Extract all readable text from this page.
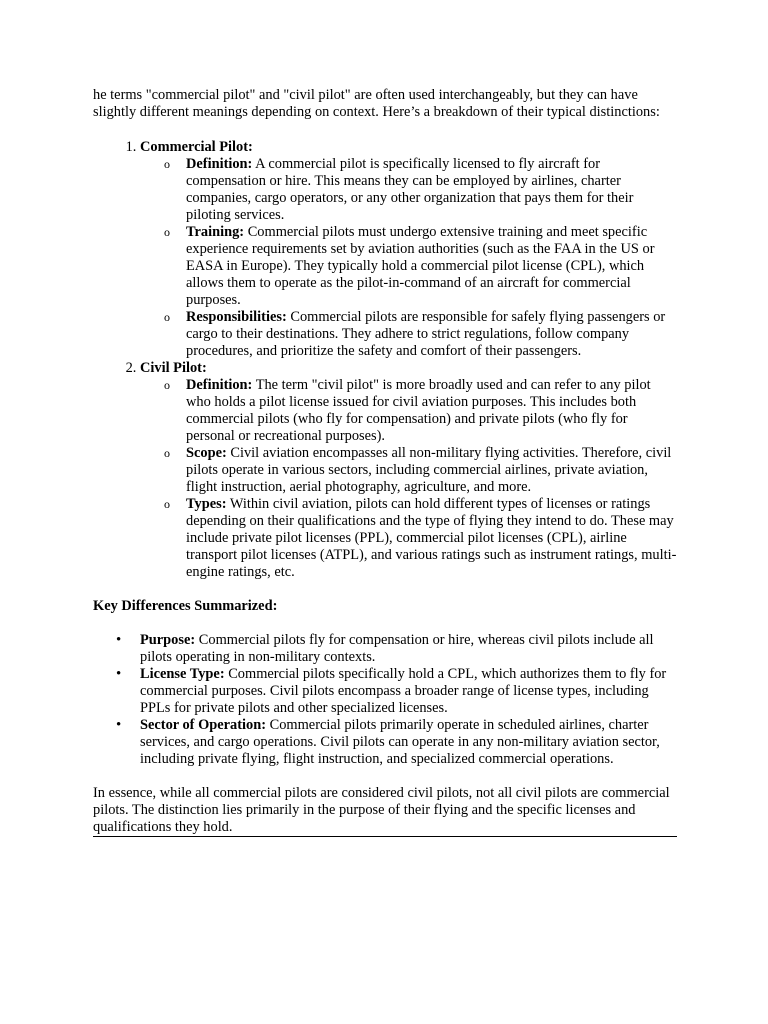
he terms "commercial pilot" and "civil pilot" are often used interchangeably, but they can have slightly different meanings depending on context. Here’s a breakdown of their typical distinctions:

1. Commercial Pilot:
o Definition: A commercial pilot is specifically licensed to fly aircraft for compensation or hire. This means they can be employed by airlines, charter companies, cargo operators, or any other organization that pays them for their piloting services.
o Training: Commercial pilots must undergo extensive training and meet specific experience requirements set by aviation authorities (such as the FAA in the US or EASA in Europe). They typically hold a commercial pilot license (CPL), which allows them to operate as the pilot-in-command of an aircraft for commercial purposes.
o Responsibilities: Commercial pilots are responsible for safely flying passengers or cargo to their destinations. They adhere to strict regulations, follow company procedures, and prioritize the safety and comfort of their passengers.
2. Civil Pilot:
o Definition: The term "civil pilot" is more broadly used and can refer to any pilot who holds a pilot license issued for civil aviation purposes. This includes both commercial pilots (who fly for compensation) and private pilots (who fly for personal or recreational purposes).
o Scope: Civil aviation encompasses all non-military flying activities. Therefore, civil pilots operate in various sectors, including commercial airlines, private aviation, flight instruction, aerial photography, agriculture, and more.
o Types: Within civil aviation, pilots can hold different types of licenses or ratings depending on their qualifications and the type of flying they intend to do. These may include private pilot licenses (PPL), commercial pilot licenses (CPL), airline transport pilot licenses (ATPL), and various ratings such as instrument ratings, multi-engine ratings, etc.

Key Differences Summarized:

• Purpose: Commercial pilots fly for compensation or hire, whereas civil pilots include all pilots operating in non-military contexts.
• License Type: Commercial pilots specifically hold a CPL, which authorizes them to fly for commercial purposes. Civil pilots encompass a broader range of license types, including PPLs for private pilots and other specialized licenses.
• Sector of Operation: Commercial pilots primarily operate in scheduled airlines, charter services, and cargo operations. Civil pilots can operate in any non-military aviation sector, including private flying, flight instruction, and specialized commercial operations.

In essence, while all commercial pilots are considered civil pilots, not all civil pilots are commercial pilots. The distinction lies primarily in the purpose of their flying and the specific licenses and qualifications they hold.
